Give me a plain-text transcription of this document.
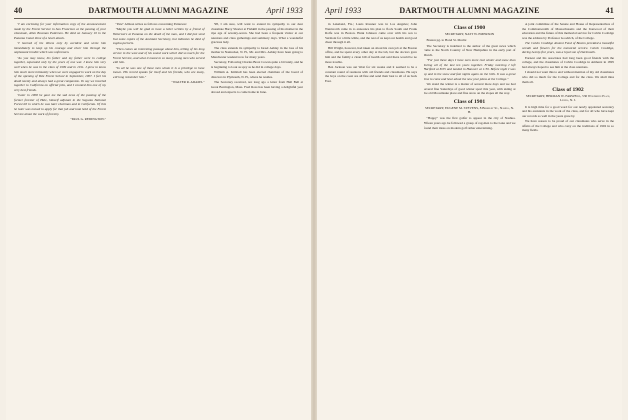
40	DARTMOUTH ALUMNI MAGAZINE	April 1933

"I am enclosing for your information copy of the announcement made by the Forest Service in San Francisco at the passing of your classmate, Allen Bowman Patterson. He died on January 10 in the Panama Canal Zone of a heart attack.

"I learned of his illness only by accident and wrote him immediately to keep up his courage and cheer him through the unpleasant trouble which was unforeseen.

"As you may know, his father and my father were in college together, separated only by the years of one war. I knew him very well when he was in the class of 1909 and in 1911. I grew to know him much more intimately when we were engaged in work on the day of the opening of Yale Forest School in September, 1907. I feel his death keenly and always had a great companion. To say we traveled together to California on official jobs, and I counted him one of my very best friends.

"Later in 1908 he gave me the sad news of the passing of the former forester of Hale, himself adjutant in the Seguoia National Forest till in which he was later chairman and in California. Of this he later was moved to apply for that job and took hold of the Forest Service about the work of forestry.

"PAUL G. REDINGTON."

"Pete" Allison writes as follows concerning Patterson:

"Maybe you will be glad to have a letter written by a friend of Patterson's at Panama on the death of the man, and I did just send that some copies of the Assistant Secretary, but indicates he died of angina pectoris.

"Then comes an interesting passage about him, telling of his long service in the west and of his sound work which did so much for the Forest Service, and what it meant to so many young men who served with him.

"In all he was one of those men whom it is a privilege to have known. His record speaks for itself and his friends, who are many, will long remember him."

"WALTER R. ADAMS."

'98, I am sure, will want to extend its sympathy to our dear classmate Harry Shorter at Fishkill in the passing of his mother in the ripe age of seventy-seven. She had been a frequent visitor at our reunions and class gatherings and seminary days. What a wonderful gracious lady.

The class extends its sympathy to Israel Ashley in the loss of his mother in Nantucket, N. H., Mr. and Mrs. Ashley have been going to Manchester weeknd now for many years.

Secretary, Following Charles Brost Cowan quite a bit lately, and he is beginning to look as spry as he did in college days.

William A. Kimball has been elected chairman of the board of directors in Plymouth, N. H., where he resides.

The Secretary received, not long ago a letter from Hall Bell at Great Barrington, Mass. Fred Ross has been having a delightful year abroad and expects to come home in June.

April 1933	DARTMOUTH ALUMNI MAGAZINE	41

in Lakeland, Fla.; Louis Rossner was in Los Angeles; John Wentworth came in to announce his plan to flock South and Frank Rolfe was in Boston. Hank Johnson came over with his son to Vermont for a little while, and the rest of us kept our health and good cheer through it all.

Bill Wright, however, had taken on about his own job at the Boston office, and he spent every other day at the lab, but the doctors gave him and the family a clean bill of health and said there would be no more trouble.

Ben Jackson was out West for six weeks and it seemed to be a constant round of reunions with old friends and classmates. He says the boys on the coast are all fine and send their best to all of us back East.

Class of 1900
SECRETARY, NATT W. EMERSON

Boston pg. to Hotel St. Moritz

The Secretary is indebted to the author of the great news which came to the North Country of New Hampshire in the early part of March.

"For just these days I have seen more real winter and snow than during all of the last ten years together. Friday morning I left Hartford at 8:05 and landed in Hanover at 1:30. Before night I was up and in the snow and fast nights again on the hills. It was a great time to come and hear about the new year plans at the College."

We stand the winter is a matter of several more days and we had several fine Saturdays of good winter sport this year, with skiing at the old Moosilauke place and fine snow on the slopes all the way.

Class of 1901
SECRETARY, EUGENE M. STEVENS, 8 Berkeley St., Nashua, N. H.

"Happy" was the first golfer to appear in the city of Nashua. Fifteen years ago he followed a group of rag-men to the Lake and we found their ideas on modern golf rather entertaining.

A joint committee of the Senate and House of Representatives of the Commonwealth of Massachusetts and the Ironwood of their education and the future of this memorial service for Calvin Coolidge was the address by Professor Goodrich, of the College.

The Calvin Coolidge Alumni Fund of Boston provided a beautiful wreath and flowers for the memorial service. Calvin Coolidge, during twenty-five years, was a loyal son of Dartmouth.

Earnest and his associates had long been good friends with the college, and the classmates of Calvin Coolidge in Amherst in 1895 had always hoped to see him at the class reunions.

I should not want this to end without mention of my old classmates who did so much for the College and for the class. We shall miss them all.

Class of 1902
SECRETARY, HERMAN W. FARWELL, 530 Woodridge Place, Leonia, N. J.

It is high time for a good word for our newly appointed secretary and his assistants in the work of the class, and for all who have kept our records so well in the years gone by.

We have reason to be proud of our classmates who serve in the affairs of the College and who carry on the traditions of 1902 in so many fields.
